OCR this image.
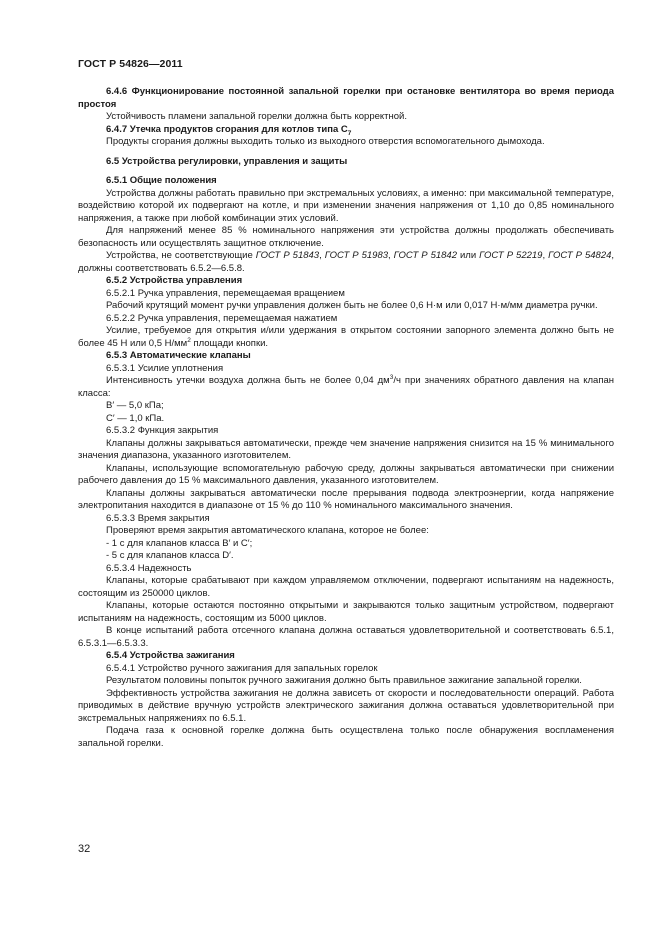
ГОСТ Р 54826—2011

6.4.6 Функционирование постоянной запальной горелки при остановке вентилятора во время периода простоя

Устойчивость пламени запальной горелки должна быть корректной.

6.4.7 Утечка продуктов сгорания для котлов типа $C_7$

Продукты сгорания должны выходить только из выходного отверстия вспомогательного дымохода.

6.5 Устройства регулировки, управления и защиты

6.5.1 Общие положения

Устройства должны работать правильно при экстремальных условиях, а именно: при максимальной температуре, воздействию которой их подвергают на котле, и при изменении значения напряжения от 1,10 до 0,85 номинального напряжения, а также при любой комбинации этих условий.

Для напряжений менее 85 % номинального напряжения эти устройства должны продолжать обеспечивать безопасность или осуществлять защитное отключение.

Устройства, не соответствующие ГОСТ Р 51843, ГОСТ Р 51983, ГОСТ Р 51842 или ГОСТ Р 52219, ГОСТ Р 54824, должны соответствовать 6.5.2—6.5.8.

6.5.2 Устройства управления

6.5.2.1 Ручка управления, перемещаемая вращением

Рабочий крутящий момент ручки управления должен быть не более 0,6 Н·м или 0,017 Н·м/мм диаметра ручки.

6.5.2.2 Ручка управления, перемещаемая нажатием

Усилие, требуемое для открытия и/или удержания в открытом состоянии запорного элемента должно быть не более 45 Н или 0,5 $Н/мм^2$ площади кнопки.

6.5.3 Автоматические клапаны

6.5.3.1 Усилие уплотнения

Интенсивность утечки воздуха должна быть не более 0,04 $дм^3/ч$ при значениях обратного давления на клапан класса:

B′ — 5,0 кПа;

C′ — 1,0 кПа.

6.5.3.2 Функция закрытия

Клапаны должны закрываться автоматически, прежде чем значение напряжения снизится на 15 % минимального значения диапазона, указанного изготовителем.

Клапаны, использующие вспомогательную рабочую среду, должны закрываться автоматически при снижении рабочего давления до 15 % максимального давления, указанного изготовителем.

Клапаны должны закрываться автоматически после прерывания подвода электроэнергии, когда напряжение электропитания находится в диапазоне от 15 % до 110 % номинального максимального значения.

6.5.3.3 Время закрытия

Проверяют время закрытия автоматического клапана, которое не более:

- 1 с для клапанов класса B′ и C′;

- 5 с для клапанов класса D′.

6.5.3.4 Надежность

Клапаны, которые срабатывают при каждом управляемом отключении, подвергают испытаниям на надежность, состоящим из 250000 циклов.

Клапаны, которые остаются постоянно открытыми и закрываются только защитным устройством, подвергают испытаниям на надежность, состоящим из 5000 циклов.

В конце испытаний работа отсечного клапана должна оставаться удовлетворительной и соответствовать 6.5.1, 6.5.3.1—6.5.3.3.

6.5.4 Устройства зажигания

6.5.4.1 Устройство ручного зажигания для запальных горелок

Результатом половины попыток ручного зажигания должно быть правильное зажигание запальной горелки.

Эффективность устройства зажигания не должна зависеть от скорости и последовательности операций. Работа приводимых в действие вручную устройств электрического зажигания должна оставаться удовлетворительной при экстремальных напряжениях по 6.5.1.

Подача газа к основной горелке должна быть осуществлена только после обнаружения воспламенения запальной горелки.

32
